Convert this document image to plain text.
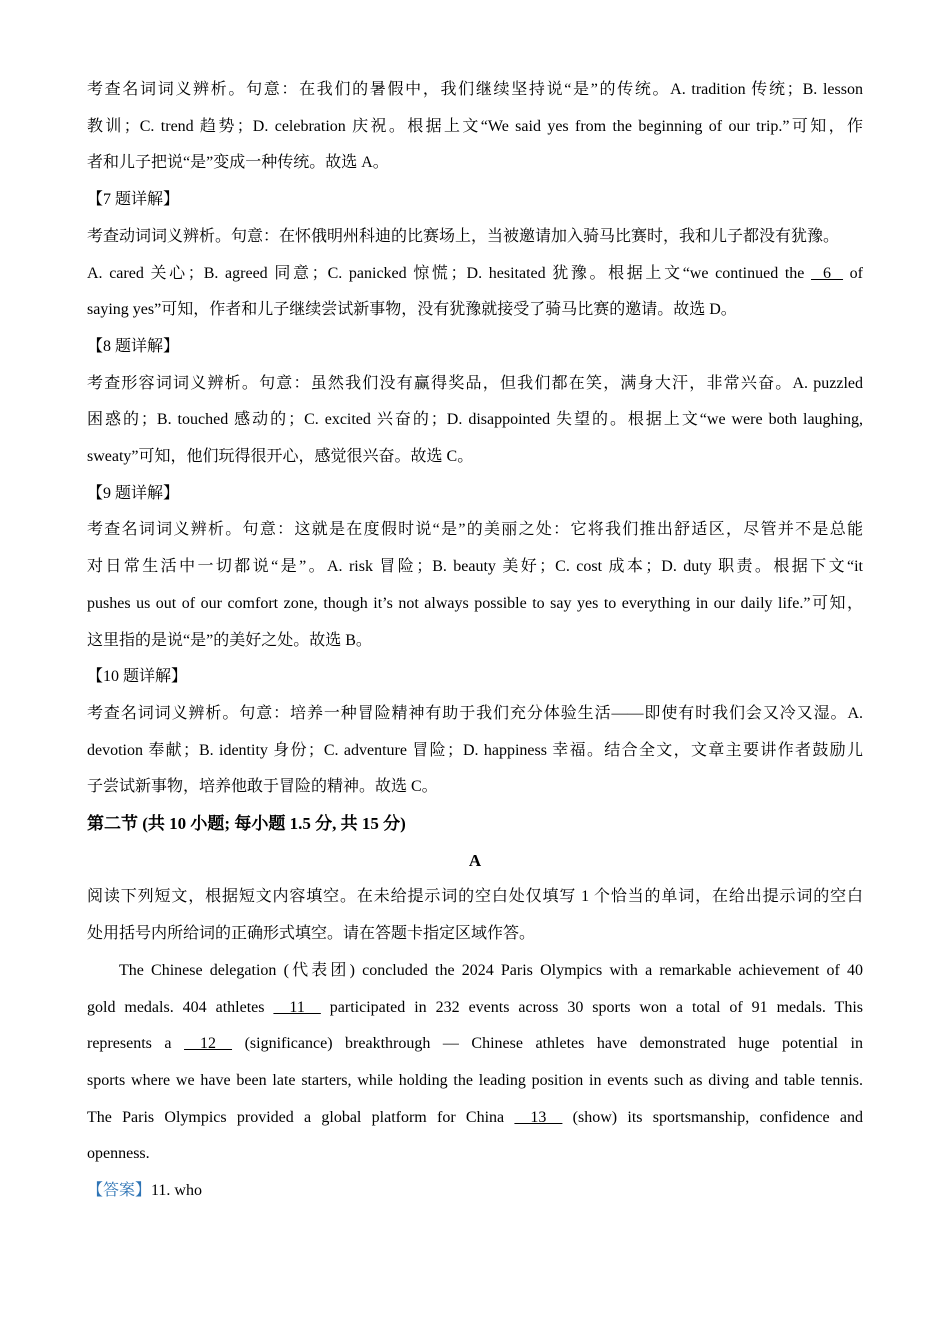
考查名词词义辨析。句意：在我们的暑假中，我们继续坚持说“是”的传统。A. tradition 传统；B. lesson

教训；C. trend 趋势；D. celebration 庆祝。根据上文“We said yes from the beginning of our trip.”可知，作

者和儿子把说“是”变成一种传统。故选 A。

【7 题详解】

考查动词词义辨析。句意：在怀俄明州科迪的比赛场上，当被邀请加入骑马比赛时，我和儿子都没有犹豫。

A. cared 关心；B. agreed 同意；C. panicked 惊慌；D. hesitated 犹豫。根据上文“we continued the    6    of

saying yes”可知，作者和儿子继续尝试新事物，没有犹豫就接受了骑马比赛的邀请。故选 D。

【8 题详解】

考查形容词词义辨析。句意：虽然我们没有赢得奖品，但我们都在笑，满身大汗，非常兴奋。A. puzzled

困惑的；B. touched 感动的；C. excited 兴奋的；D. disappointed 失望的。根据上文“we were both laughing,

sweaty”可知，他们玩得很开心，感觉很兴奋。故选 C。

【9 题详解】

考查名词词义辨析。句意：这就是在度假时说“是”的美丽之处：它将我们推出舒适区，尽管并不是总能

对日常生活中一切都说“是”。A. risk 冒险；B. beauty 美好；C. cost 成本；D. duty 职责。根据下文“it

pushes us out of our comfort zone, though it’s not always possible to say yes to everything in our daily life.”可知，

这里指的是说“是”的美好之处。故选 B。

【10 题详解】

考查名词词义辨析。句意：培养一种冒险精神有助于我们充分体验生活——即使有时我们会又冷又湿。A.

devotion 奉献；B. identity 身份；C. adventure 冒险；D. happiness 幸福。结合全文，文章主要讲作者鼓励儿

子尝试新事物，培养他敢于冒险的精神。故选 C。

第二节 (共 10 小题; 每小题 1.5 分, 共 15 分)

A

阅读下列短文，根据短文内容填空。在未给提示词的空白处仅填写 1 个恰当的单词，在给出提示词的空白

处用括号内所给词的正确形式填空。请在答题卡指定区域作答。

The Chinese delegation (代表团) concluded the 2024 Paris Olympics with a remarkable achievement of 40

gold medals. 404 athletes     11     participated in 232 events across 30 sports won a total of 91 medals. This

represents a     12     (significance) breakthrough — Chinese athletes have demonstrated huge potential in

sports where we have been late starters, while holding the leading position in events such as diving and table tennis.

The Paris Olympics provided a global platform for China     13     (show) its sportsmanship, confidence and

openness.

【答案】11. who
